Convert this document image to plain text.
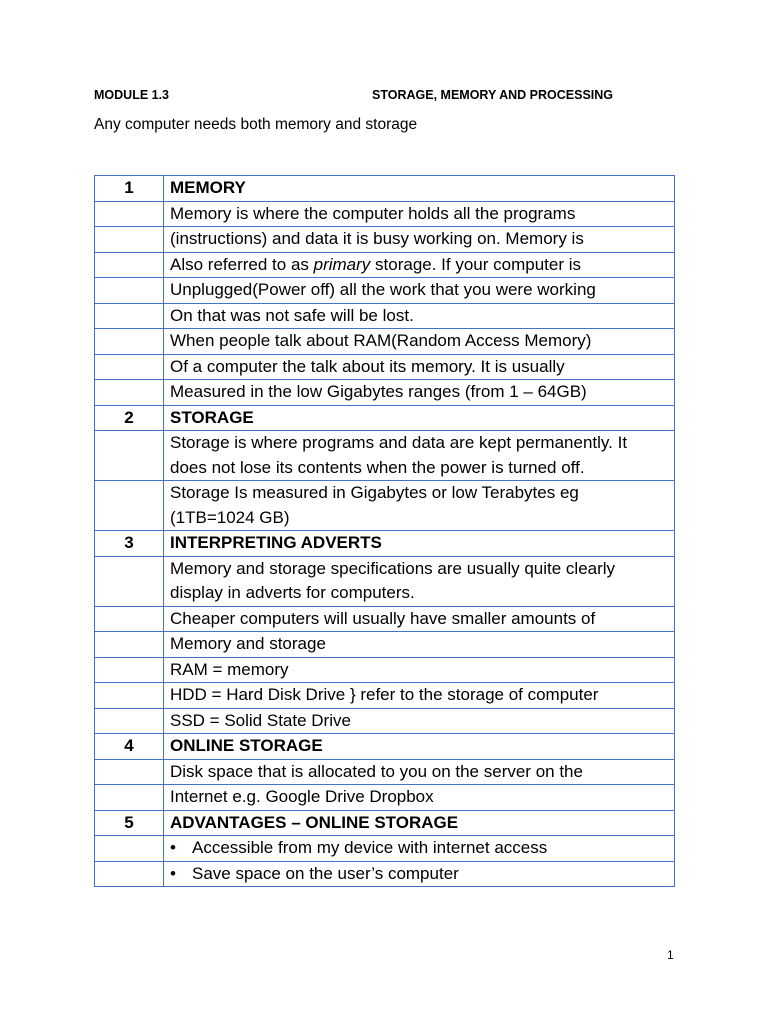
MODULE 1.3	STORAGE, MEMORY AND PROCESSING
Any computer needs both memory and storage
1	MEMORY
	Memory is where the computer holds all the programs
	(instructions) and data it is busy working on. Memory is
	Also referred to as primary storage. If your computer is
	Unplugged(Power off) all the work that you were working
	On that was not safe will be lost.
	When people talk about RAM(Random Access Memory)
	Of a computer the talk about its memory. It is usually
	Measured in the low Gigabytes ranges (from 1 – 64GB)
2	STORAGE
	Storage is where programs and data are kept permanently. It does not lose its contents when the power is turned off.
	Storage Is measured in Gigabytes or low Terabytes eg (1TB=1024 GB)
3	INTERPRETING ADVERTS
	Memory and storage specifications are usually quite clearly display in adverts for computers.
	Cheaper computers will usually have smaller amounts of
	Memory and storage
	RAM = memory
	HDD = Hard Disk Drive } refer to the storage of computer
	SSD = Solid State Drive
4	ONLINE STORAGE
	Disk space that is allocated to you on the server on the
	Internet e.g. Google Drive Dropbox
5	ADVANTAGES – ONLINE STORAGE
	• Accessible from my device with internet access
	• Save space on the user’s computer
1
